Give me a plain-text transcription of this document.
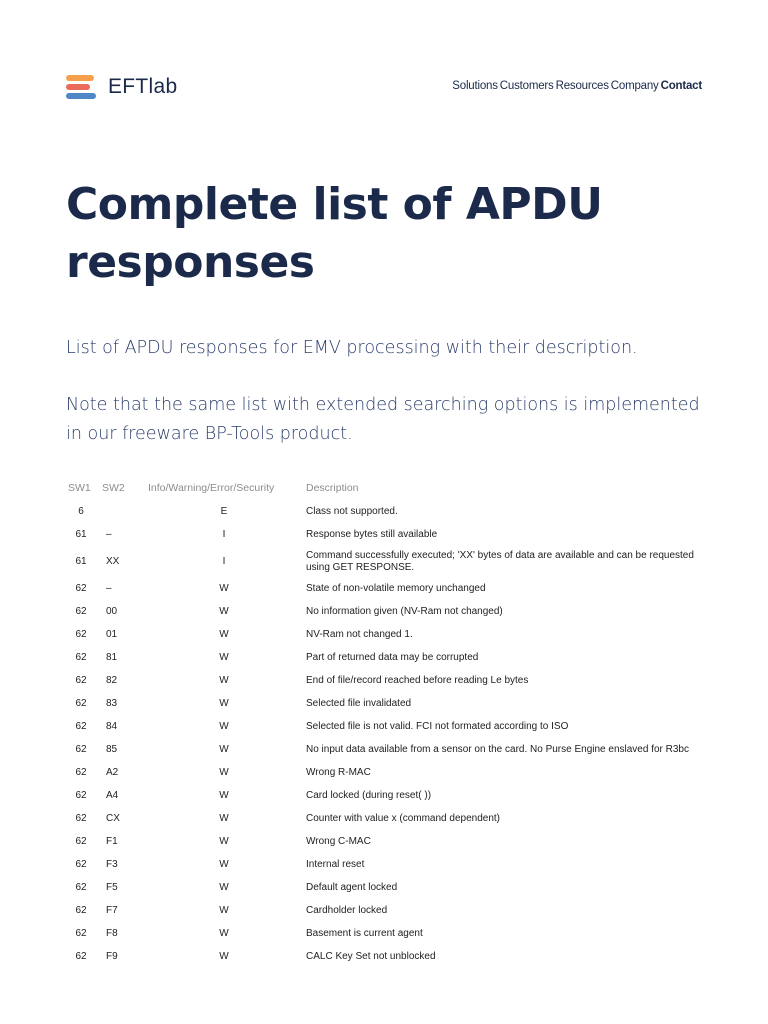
EFTlab	Solutions Customers Resources Company Contact
Complete list of APDU responses

List of APDU responses for EMV processing with their description.

Note that the same list with extended searching options is implemented in our freeware BP-Tools product.

SW1	SW2	Info/Warning/Error/Security	Description
6		E	Class not supported.
61	–	I	Response bytes still available
61	XX	I	Command successfully executed; 'XX' bytes of data are available and can be requested using GET RESPONSE.
62	–	W	State of non-volatile memory unchanged
62	00	W	No information given (NV-Ram not changed)
62	01	W	NV-Ram not changed 1.
62	81	W	Part of returned data may be corrupted
62	82	W	End of file/record reached before reading Le bytes
62	83	W	Selected file invalidated
62	84	W	Selected file is not valid. FCI not formated according to ISO
62	85	W	No input data available from a sensor on the card. No Purse Engine enslaved for R3bc
62	A2	W	Wrong R-MAC
62	A4	W	Card locked (during reset( ))
62	CX	W	Counter with value x (command dependent)
62	F1	W	Wrong C-MAC
62	F3	W	Internal reset
62	F5	W	Default agent locked
62	F7	W	Cardholder locked
62	F8	W	Basement is current agent
62	F9	W	CALC Key Set not unblocked
